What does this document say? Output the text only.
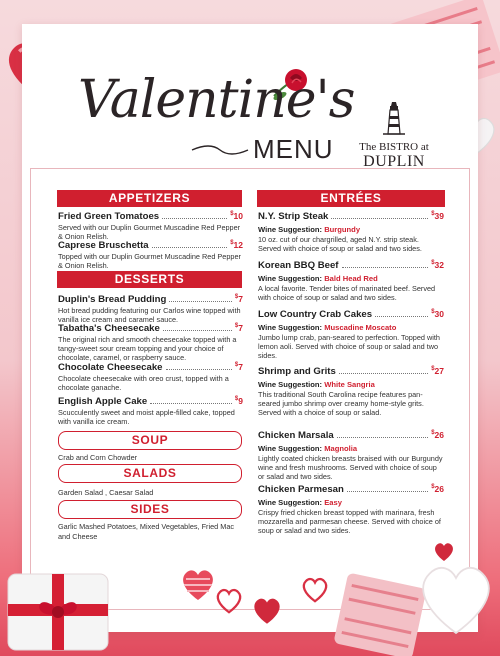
Valentine's
MENU	The BISTRO at
DUPLIN
APPETIZERS
Fried Green Tomatoes	$10
Served with our Duplin Gourmet Muscadine Red Pepper & Onion Relish.
Caprese Bruschetta	$12
Topped with our Duplin Gourmet Muscadine Red Pepper & Onion Relish.
DESSERTS
Duplin's Bread Pudding	$7
Hot bread pudding featuring our Carlos wine topped with vanilla ice cream and caramel sauce.
Tabatha's Cheesecake	$7
The original rich and smooth cheesecake topped with a tangy-sweet sour cream topping and your choice of chocolate, caramel, or raspberry sauce.
Chocolate Cheesecake	$7
Chocolate cheesecake with oreo crust, topped with a chocolate ganache.
English Apple Cake	$9
Scucculently sweet and moist apple-filled cake, topped with vanilla ice cream.
SOUP
Crab and Corn Chowder
SALADS
Garden Salad , Caesar Salad
SIDES
Garlic Mashed Potatoes, Mixed Vegetables, Fried Mac and Cheese
ENTRÉES
N.Y. Strip Steak	$39
Wine Suggestion: Burgundy
10 oz. cut of our chargrilled, aged N.Y. strip steak. Served with choice of soup or salad and two sides.
Korean BBQ Beef	$32
Wine Suggestion: Bald Head Red
A local favorite. Tender bites of marinated beef. Served with choice of soup or salad and two sides.
Low Country Crab Cakes	$30
Wine Suggestion: Muscadine Moscato
Jumbo lump crab, pan-seared to perfection. Topped with lemon aoli. Served with choice of soup or salad and two sides.
Shrimp and Grits	$27
Wine Suggestion: White Sangria
This traditional South Carolina recipe features pan-seared jumbo shrimp over creamy home-style grits. Served with a choice of soup or salad.
Chicken Marsala	$26
Wine Suggestion: Magnolia
Lightly coated chicken breasts braised with our Burgundy wine and fresh mushrooms. Served with choice of soup or salad and two sides.
Chicken Parmesan	$26
Wine Suggestion: Easy
Crispy fried chicken breast topped with marinara, fresh mozzarella and parmesan cheese. Served with choice of soup or salad and two sides.
